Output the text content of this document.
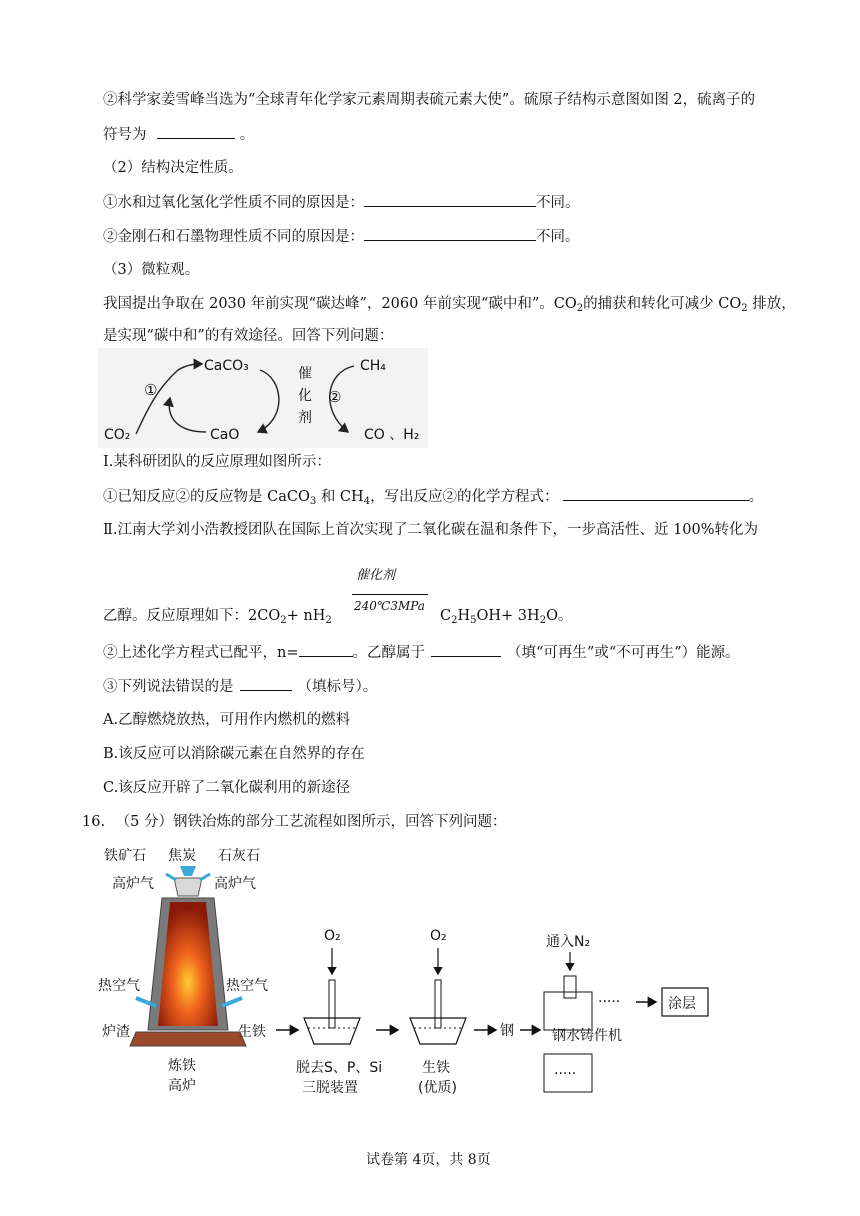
②科学家姜雪峰当选为“全球青年化学家元素周期表硫元素大使”。硫原子结构示意图如图 2，硫离子的
符号为	。
（2）结构决定性质。
①水和过氧化氢化学性质不同的原因是：	不同。
②金刚石和石墨物理性质不同的原因是：	不同。
（3）微粒观。
我国提出争取在 2030 年前实现“碳达峰”，2060 年前实现“碳中和”。$CO_2$的捕获和转化可减少 $CO_2$ 排放，
是实现“碳中和”的有效途径。回答下列问题：
CaCO₃
CaO
CO₂
CH₄
CO 、H₂
①	②
催
化
剂
Ⅰ.某科研团队的反应原理如图所示：
①已知反应②的反应物是 CaCO$_3$ 和 $CH_4$，写出反应②的化学方程式：	。
Ⅱ.江南大学刘小浩教授团队在国际上首次实现了二氧化碳在温和条件下，一步高活性、近 100%转化为
催化剂
240℃3MPa
乙醇。反应原理如下：$2CO_2+ nH_2$	$C_2H_5OH+ 3H_2O$。
②上述化学方程式已配平，n=	。乙醇属于	（填“可再生”或“不可再生”）能源。
③下列说法错误的是	（填标号）。
A.乙醇燃烧放热，可用作内燃机的燃料
B.该反应可以消除碳元素在自然界的存在
C.该反应开辟了二氧化碳利用的新途径
16. （5 分）钢铁冶炼的部分工艺流程如图所示，回答下列问题：
铁矿石 焦炭 石灰石
高炉气	高炉气
热空气	热空气
炉渣	生铁
炼铁
高炉
O₂
脱去S、P、Si
三脱装置
O₂
生铁
(优质)
钢
通入N₂
钢水铸件机
·····	涂层
·····
试卷第 4页，共 8页
